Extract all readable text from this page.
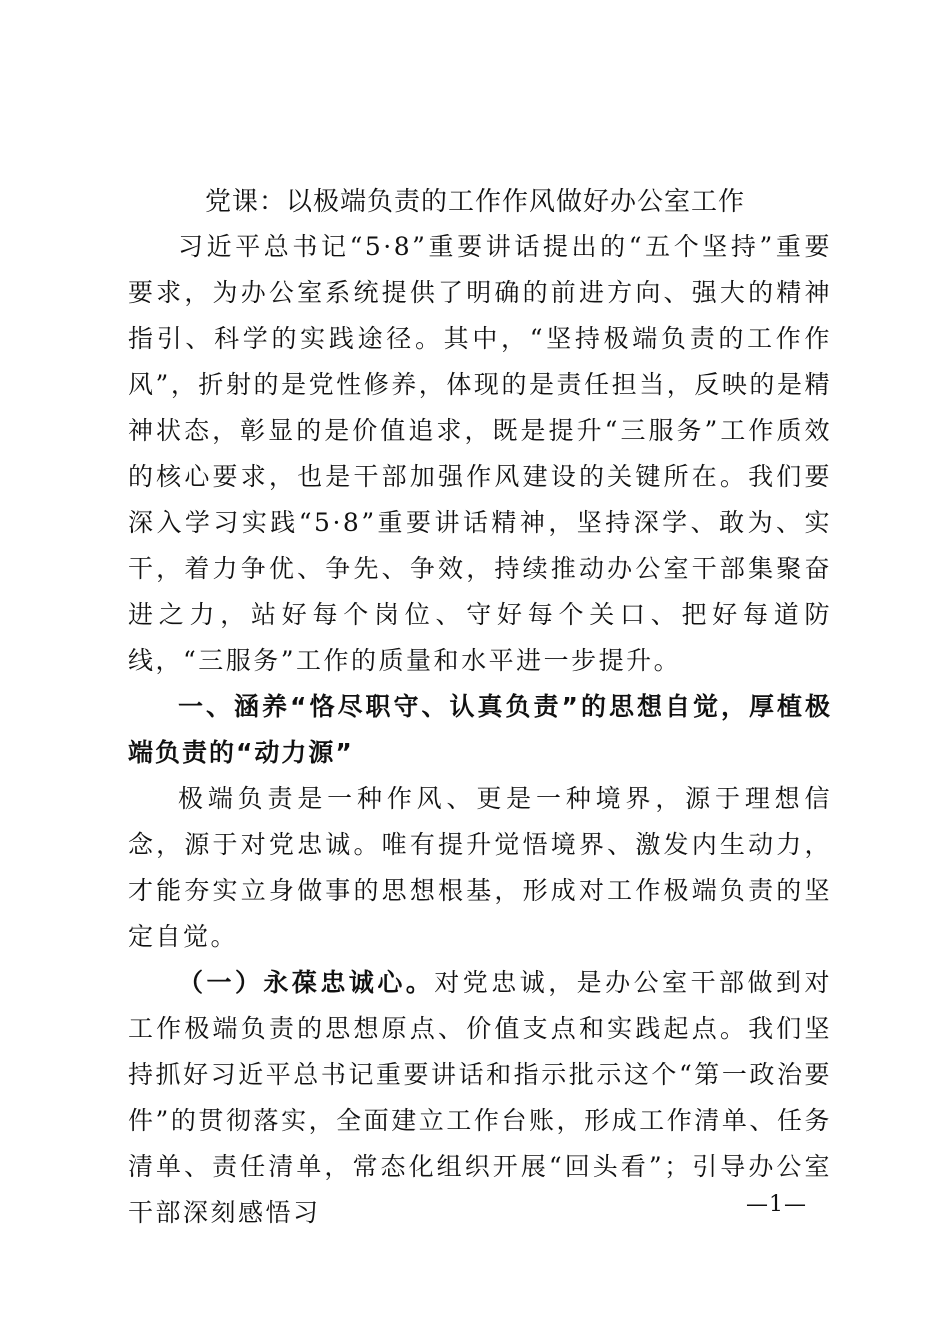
党课：以极端负责的工作作风做好办公室工作

习近平总书记“5·8”重要讲话提出的“五个坚持”重要要求，为办公室系统提供了明确的前进方向、强大的精神指引、科学的实践途径。其中，“坚持极端负责的工作作风”，折射的是党性修养，体现的是责任担当，反映的是精神状态，彰显的是价值追求，既是提升“三服务”工作质效的核心要求，也是干部加强作风建设的关键所在。我们要深入学习实践“5·8”重要讲话精神，坚持深学、敢为、实干，着力争优、争先、争效，持续推动办公室干部集聚奋进之力，站好每个岗位、守好每个关口、把好每道防线，“三服务”工作的质量和水平进一步提升。

一、涵养“恪尽职守、认真负责”的思想自觉，厚植极端负责的“动力源”

极端负责是一种作风、更是一种境界，源于理想信念，源于对党忠诚。唯有提升觉悟境界、激发内生动力，才能夯实立身做事的思想根基，形成对工作极端负责的坚定自觉。

（一）永葆忠诚心。对党忠诚，是办公室干部做到对工作极端负责的思想原点、价值支点和实践起点。我们坚持抓好习近平总书记重要讲话和指示批示这个“第一政治要件”的贯彻落实，全面建立工作台账，形成工作清单、任务清单、责任清单，常态化组织开展“回头看”；引导办公室干部深刻感悟习	—1—
